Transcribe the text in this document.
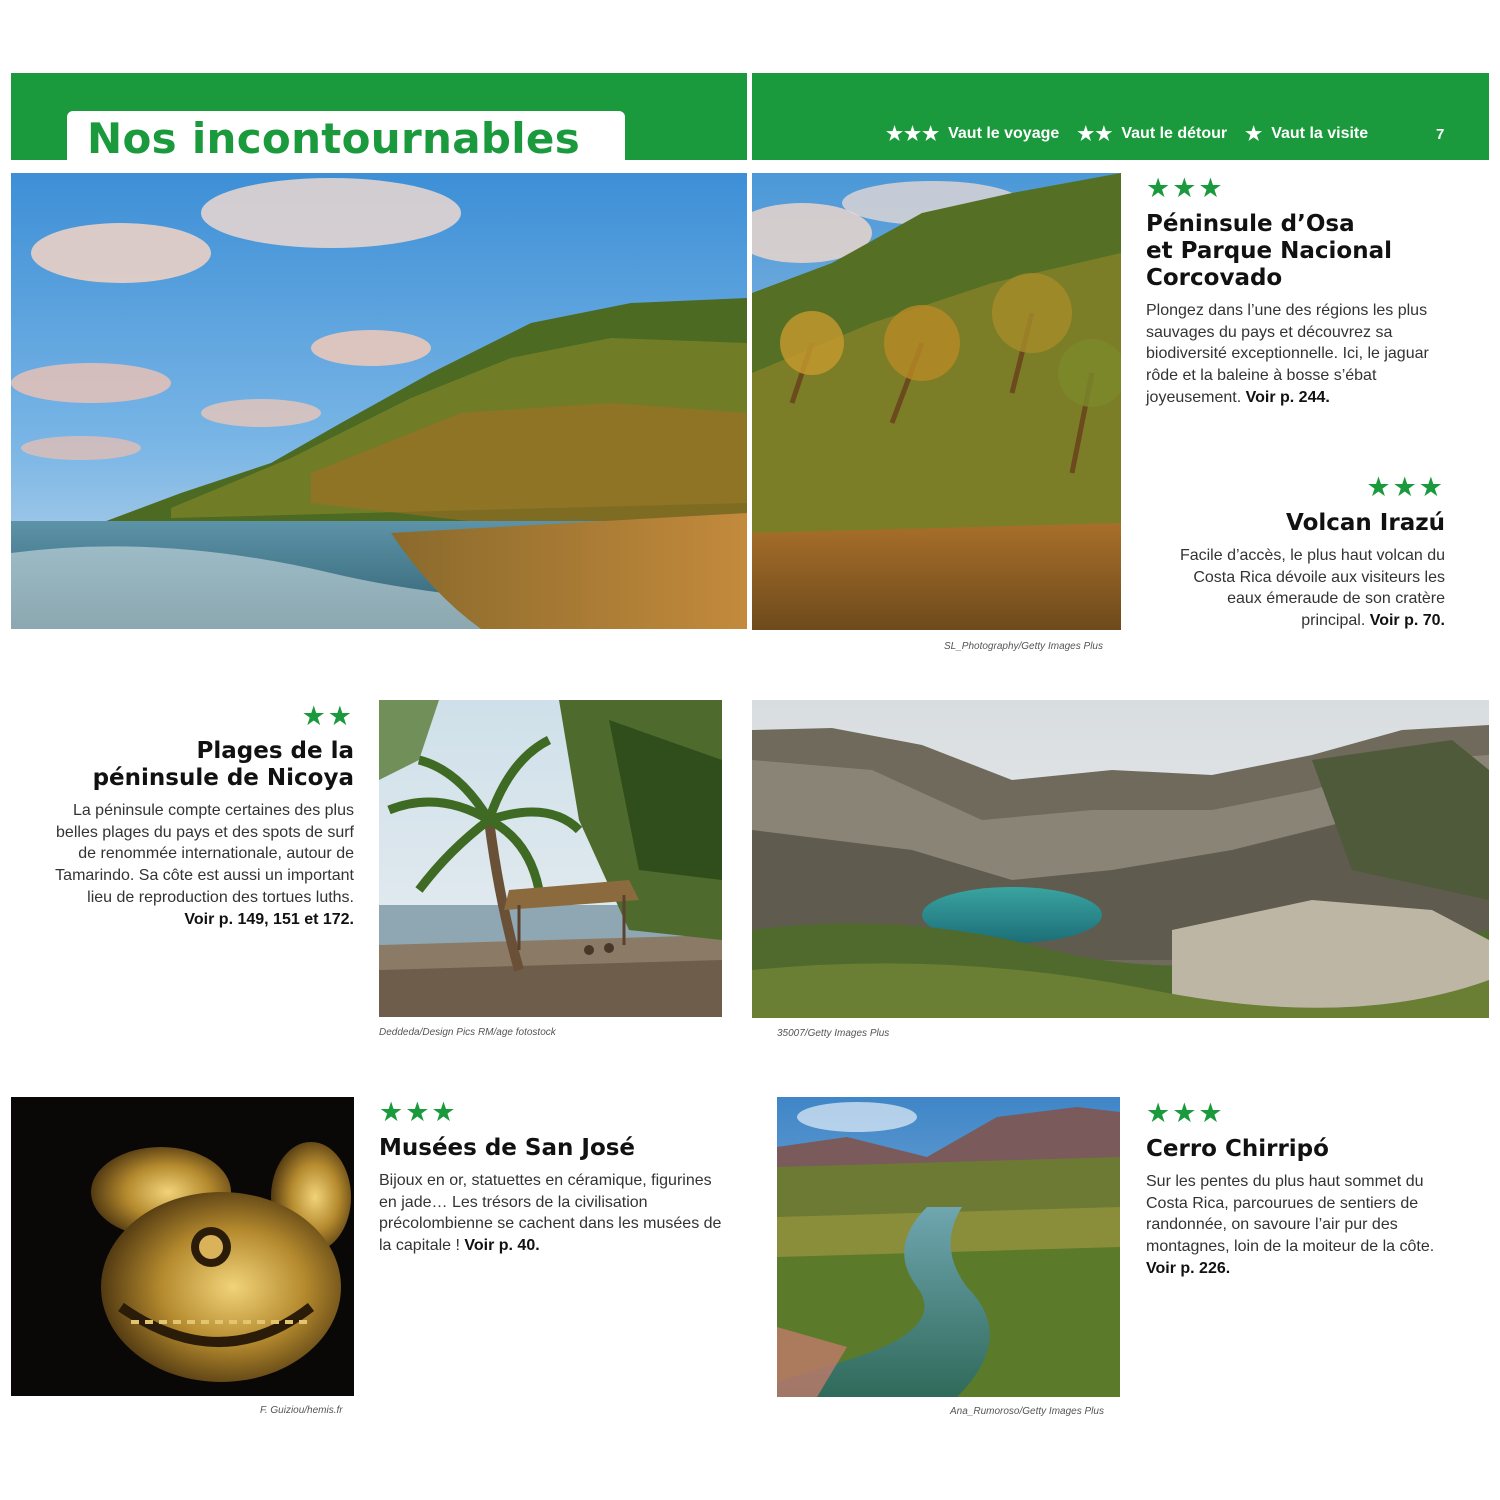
Nos incontournables	★★★ Vaut le voyage ★★ Vaut le détour ★ Vaut la visite	7
SL_Photography/Getty Images Plus
★★★
Péninsule d’Osa
et Parque Nacional
Corcovado
Plongez dans l’une des régions les plus sauvages du pays et découvrez sa biodiversité exceptionnelle. Ici, le jaguar rôde et la baleine à bosse s’ébat joyeusement. Voir p. 244.
★★★
Volcan Irazú
Facile d’accès, le plus haut volcan du Costa Rica dévoile aux visiteurs les eaux émeraude de son cratère principal. Voir p. 70.
★★
Plages de la
péninsule de Nicoya
La péninsule compte certaines des plus belles plages du pays et des spots de surf de renommée internationale, autour de Tamarindo. Sa côte est aussi un important lieu de reproduction des tortues luths. Voir p. 149, 151 et 172.
Deddeda/Design Pics RM/age fotostock	35007/Getty Images Plus
F. Guiziou/hemis.fr
★★★
Musées de San José
Bijoux en or, statuettes en céramique, figurines en jade… Les trésors de la civilisation précolombienne se cachent dans les musées de la capitale ! Voir p. 40.
Ana_Rumoroso/Getty Images Plus
★★★
Cerro Chirripó
Sur les pentes du plus haut sommet du Costa Rica, parcourues de sentiers de randonnée, on savoure l’air pur des montagnes, loin de la moiteur de la côte. Voir p. 226.
